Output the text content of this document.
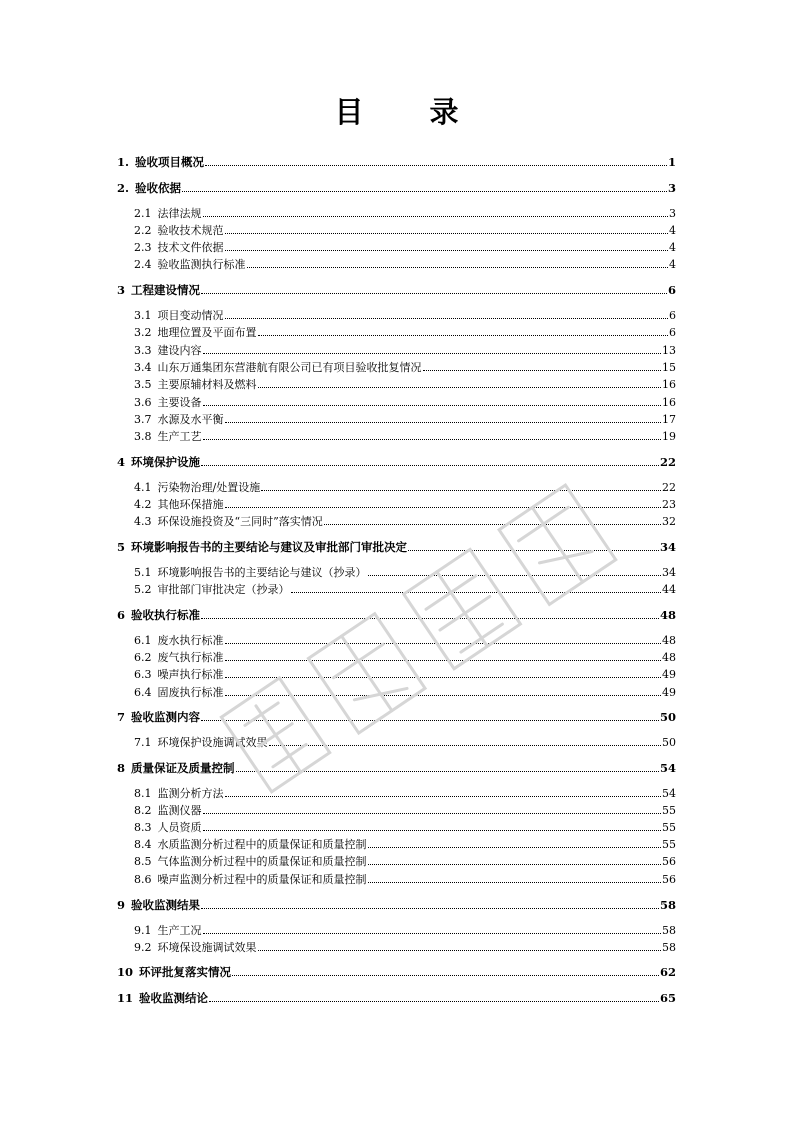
目 录
1. 验收项目概况	1
2. 验收依据	3
2.1 法律法规	3
2.2 验收技术规范	4
2.3 技术文件依据	4
2.4 验收监测执行标准	4
3 工程建设情况	6
3.1 项目变动情况	6
3.2 地理位置及平面布置	6
3.3 建设内容	13
3.4 山东万通集团东营港航有限公司已有项目验收批复情况	15
3.5 主要原辅材料及燃料	16
3.6 主要设备	16
3.7 水源及水平衡	17
3.8 生产工艺	19
4 环境保护设施	22
4.1 污染物治理/处置设施	22
4.2 其他环保措施	23
4.3 环保设施投资及“三同时”落实情况	32
5 环境影响报告书的主要结论与建议及审批部门审批决定	34
5.1 环境影响报告书的主要结论与建议（抄录）	34
5.2 审批部门审批决定（抄录）	44
6 验收执行标准	48
6.1 废水执行标准	48
6.2 废气执行标准	48
6.3 噪声执行标准	49
6.4 固废执行标准	49
7 验收监测内容	50
7.1 环境保护设施调试效果	50
8 质量保证及质量控制	54
8.1 监测分析方法	54
8.2 监测仪器	55
8.3 人员资质	55
8.4 水质监测分析过程中的质量保证和质量控制	55
8.5 气体监测分析过程中的质量保证和质量控制	56
8.6 噪声监测分析过程中的质量保证和质量控制	56
9 验收监测结果	58
9.1 生产工况	58
9.2 环境保设施调试效果	58
10 环评批复落实情况	62
11 验收监测结论	65
